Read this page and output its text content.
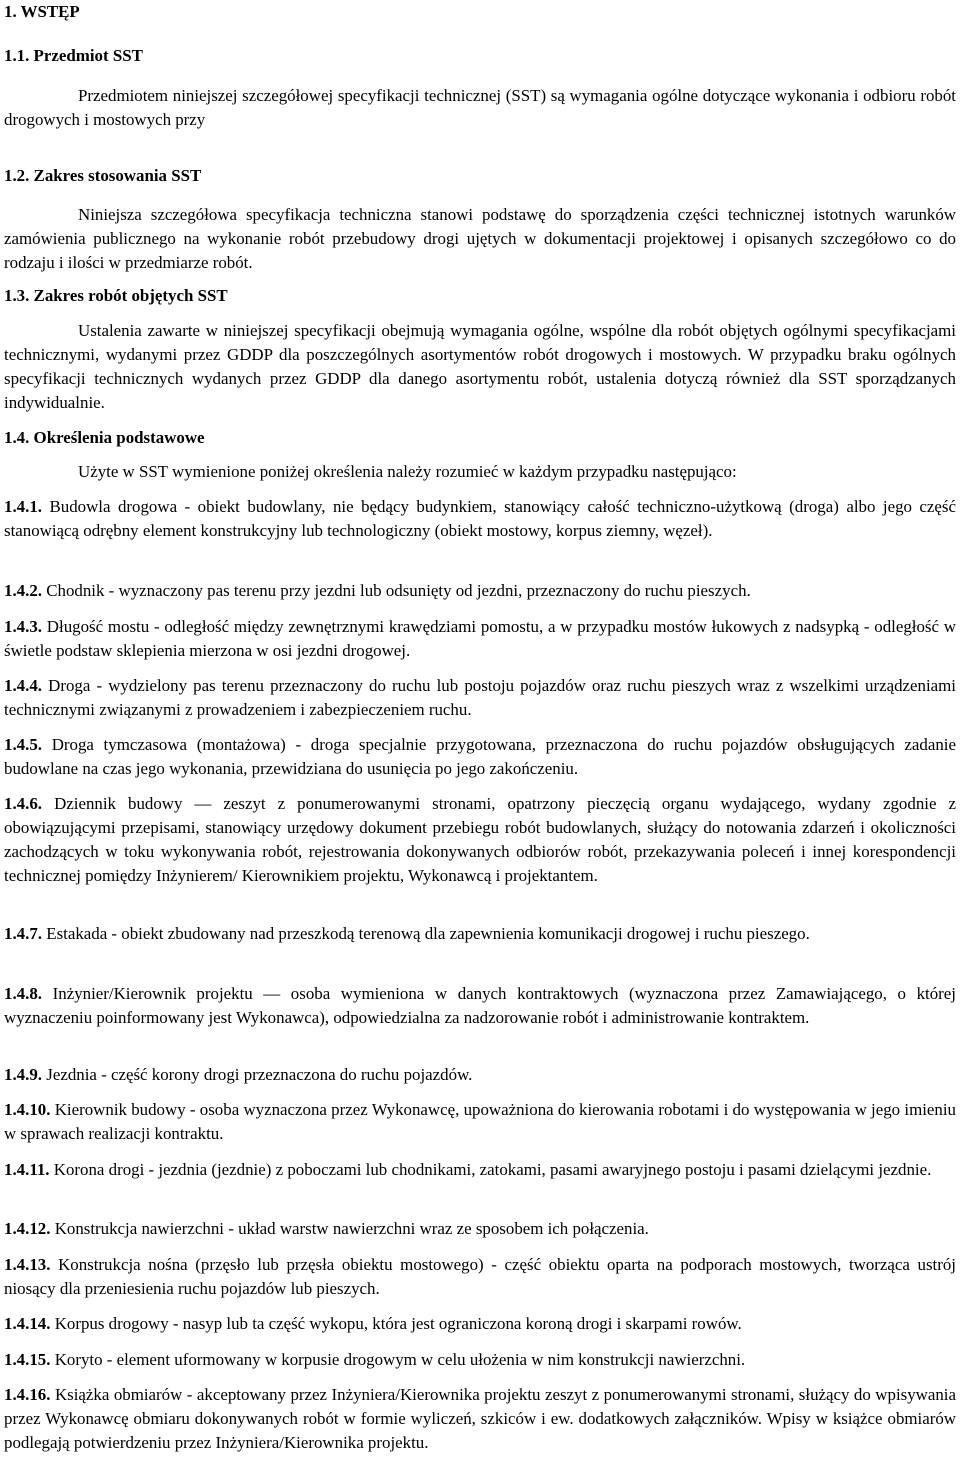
1. WSTĘP
1.1. Przedmiot SST
Przedmiotem niniejszej szczegółowej specyfikacji technicznej (SST) są wymagania ogólne dotyczące wykonania i odbioru robót drogowych i mostowych przy
1.2. Zakres stosowania SST
Niniejsza szczegółowa specyfikacja techniczna stanowi podstawę do sporządzenia części technicznej istotnych warunków zamówienia publicznego na wykonanie robót przebudowy drogi ujętych w dokumentacji projektowej i opisanych szczegółowo co do rodzaju i ilości w przedmiarze robót.
1.3. Zakres robót objętych SST
Ustalenia zawarte w niniejszej specyfikacji obejmują wymagania ogólne, wspólne dla robót objętych ogólnymi specyfikacjami technicznymi, wydanymi przez GDDP dla poszczególnych asortymentów robót drogowych i mostowych. W przypadku braku ogólnych specyfikacji technicznych wydanych przez GDDP dla danego asortymentu robót, ustalenia dotyczą również dla SST sporządzanych indywidualnie.
1.4. Określenia podstawowe
Użyte w SST wymienione poniżej określenia należy rozumieć w każdym przypadku następująco:
1.4.1. Budowla drogowa - obiekt budowlany, nie będący budynkiem, stanowiący całość techniczno-użytkową (droga) albo jego część stanowiącą odrębny element konstrukcyjny lub technologiczny (obiekt mostowy, korpus ziemny, węzeł).
1.4.2. Chodnik - wyznaczony pas terenu przy jezdni lub odsunięty od jezdni, przeznaczony do ruchu pieszych.
1.4.3. Długość mostu - odległość między zewnętrznymi krawędziami pomostu, a w przypadku mostów łukowych z nadsypką - odległość w świetle podstaw sklepienia mierzona w osi jezdni drogowej.
1.4.4. Droga - wydzielony pas terenu przeznaczony do ruchu lub postoju pojazdów oraz ruchu pieszych wraz z wszelkimi urządzeniami technicznymi związanymi z prowadzeniem i zabezpieczeniem ruchu.
1.4.5. Droga tymczasowa (montażowa) - droga specjalnie przygotowana, przeznaczona do ruchu pojazdów obsługujących zadanie budowlane na czas jego wykonania, przewidziana do usunięcia po jego zakończeniu.
1.4.6. Dziennik budowy — zeszyt z ponumerowanymi stronami, opatrzony pieczęcią organu wydającego, wydany zgodnie z obowiązującymi przepisami, stanowiący urzędowy dokument przebiegu robót budowlanych, służący do notowania zdarzeń i okoliczności zachodzących w toku wykonywania robót, rejestrowania dokonywanych odbiorów robót, przekazywania poleceń i innej korespondencji technicznej pomiędzy Inżynierem/ Kierownikiem projektu, Wykonawcą i projektantem.
1.4.7. Estakada - obiekt zbudowany nad przeszkodą terenową dla zapewnienia komunikacji drogowej i ruchu pieszego.
1.4.8. Inżynier/Kierownik projektu — osoba wymieniona w danych kontraktowych (wyznaczona przez Zamawiającego, o której wyznaczeniu poinformowany jest Wykonawca), odpowiedzialna za nadzorowanie robót i administrowanie kontraktem.
1.4.9. Jezdnia - część korony drogi przeznaczona do ruchu pojazdów.
1.4.10. Kierownik budowy - osoba wyznaczona przez Wykonawcę, upoważniona do kierowania robotami i do występowania w jego imieniu w sprawach realizacji kontraktu.
1.4.11. Korona drogi - jezdnia (jezdnie) z poboczami lub chodnikami, zatokami, pasami awaryjnego postoju i pasami dzielącymi jezdnie.
1.4.12. Konstrukcja nawierzchni - układ warstw nawierzchni wraz ze sposobem ich połączenia.
1.4.13. Konstrukcja nośna (przęsło lub przęsła obiektu mostowego) - część obiektu oparta na podporach mostowych, tworząca ustrój niosący dla przeniesienia ruchu pojazdów lub pieszych.
1.4.14. Korpus drogowy - nasyp lub ta część wykopu, która jest ograniczona koroną drogi i skarpami rowów.
1.4.15. Koryto - element uformowany w korpusie drogowym w celu ułożenia w nim konstrukcji nawierzchni.
1.4.16. Książka obmiarów - akceptowany przez Inżyniera/Kierownika projektu zeszyt z ponumerowanymi stronami, służący do wpisywania przez Wykonawcę obmiaru dokonywanych robót w formie wyliczeń, szkiców i ew. dodatkowych załączników. Wpisy w książce obmiarów podlegają potwierdzeniu przez Inżyniera/Kierownika projektu.
